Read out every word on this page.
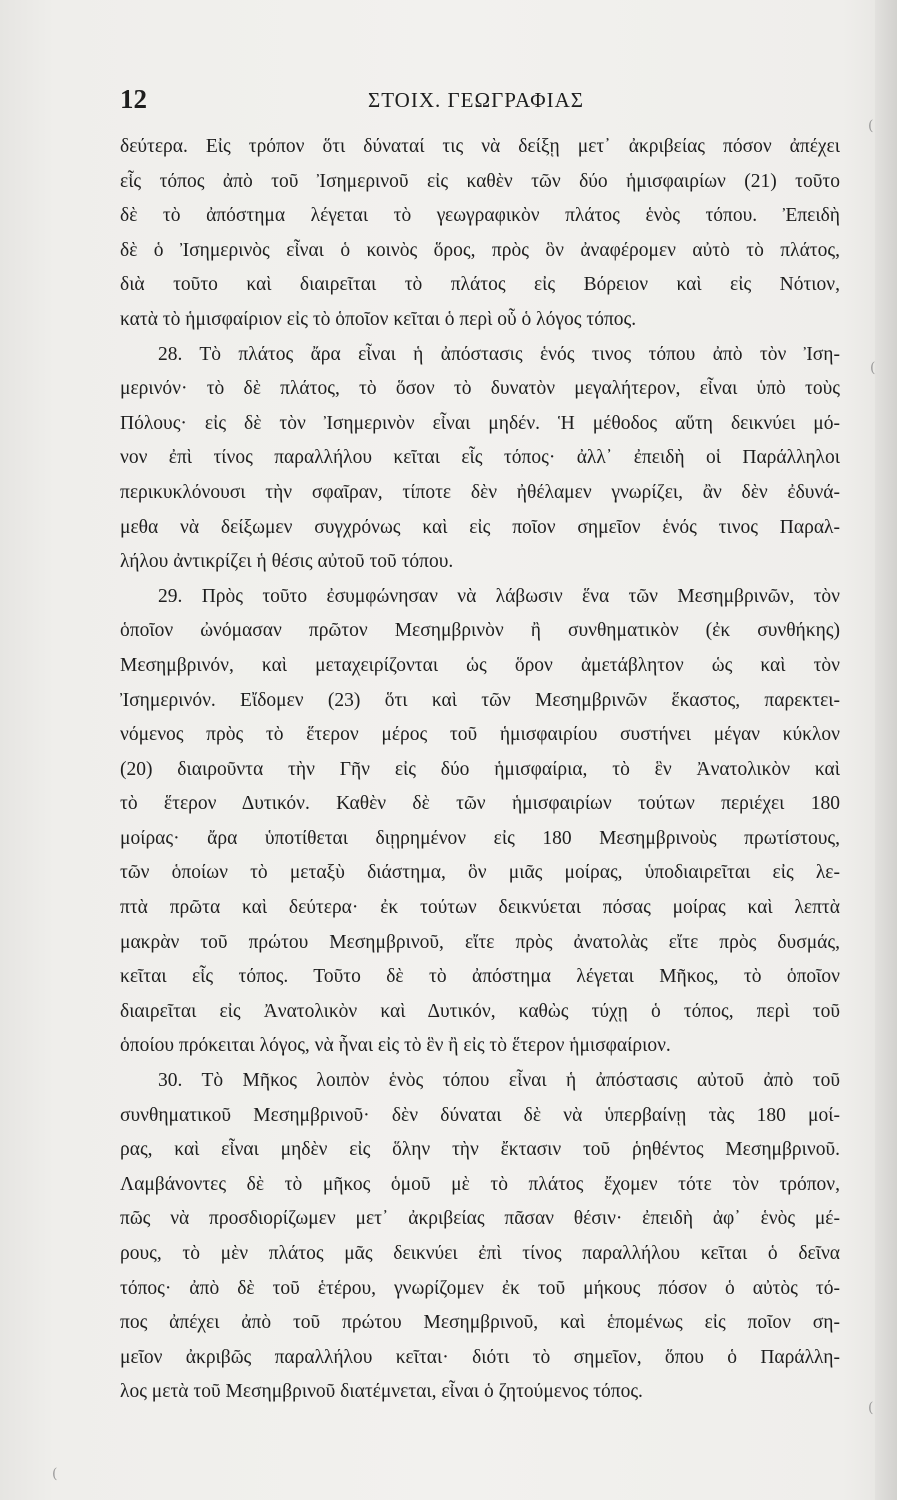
12	ΣΤΟΙΧ. ΓΕΩΓΡΑΦΙΑΣ
δεύτερα. Εἰς τρόπον ὅτι δύναταί τις νὰ δείξῃ μετ᾽ ἀκριβείας πόσον ἀπέχει
εἷς τόπος ἀπὸ τοῦ Ἰσημερινοῦ εἰς καθὲν τῶν δύο ἡμισφαιρίων (21) τοῦτο
δὲ τὸ ἀπόστημα λέγεται τὸ γεωγραφικὸν πλάτος ἑνὸς τόπου. Ἐπειδὴ
δὲ ὁ Ἰσημερινὸς εἶναι ὁ κοινὸς ὅρος, πρὸς ὃν ἀναφέρομεν αὐτὸ τὸ πλάτος,
διὰ τοῦτο καὶ διαιρεῖται τὸ πλάτος εἰς Βόρειον καὶ εἰς Νότιον,
κατὰ τὸ ἡμισφαίριον εἰς τὸ ὁποῖον κεῖται ὁ περὶ οὗ ὁ λόγος τόπος.
28. Τὸ πλάτος ἄρα εἶναι ἡ ἀπόστασις ἑνός τινος τόπου ἀπὸ τὸν Ἰση-
μερινόν· τὸ δὲ πλάτος, τὸ ὅσον τὸ δυνατὸν μεγαλήτερον, εἶναι ὑπὸ τοὺς
Πόλους· εἰς δὲ τὸν Ἰσημερινὸν εἶναι μηδέν. Ἡ μέθοδος αὕτη δεικνύει μό-
νον ἐπὶ τίνος παραλλήλου κεῖται εἷς τόπος· ἀλλ᾽ ἐπειδὴ οἱ Παράλληλοι
περικυκλόνουσι τὴν σφαῖραν, τίποτε δὲν ἠθέλαμεν γνωρίζει, ἂν δὲν ἐδυνά-
μεθα νὰ δείξωμεν συγχρόνως καὶ εἰς ποῖον σημεῖον ἑνός τινος Παραλ-
λήλου ἀντικρίζει ἡ θέσις αὐτοῦ τοῦ τόπου.
29. Πρὸς τοῦτο ἐσυμφώνησαν νὰ λάβωσιν ἕνα τῶν Μεσημβρινῶν, τὸν
ὁποῖον ὠνόμασαν πρῶτον Μεσημβρινὸν ἢ συνθηματικὸν (ἐκ συνθήκης)
Μεσημβρινόν, καὶ μεταχειρίζονται ὡς ὅρον ἀμετάβλητον ὡς καὶ τὸν
Ἰσημερινόν. Εἴδομεν (23) ὅτι καὶ τῶν Μεσημβρινῶν ἕκαστος, παρεκτει-
νόμενος πρὸς τὸ ἕτερον μέρος τοῦ ἡμισφαιρίου συστήνει μέγαν κύκλον
(20) διαιροῦντα τὴν Γῆν εἰς δύο ἡμισφαίρια, τὸ ἓν Ἀνατολικὸν καὶ
τὸ ἕτερον Δυτικόν. Καθὲν δὲ τῶν ἡμισφαιρίων τούτων περιέχει 180
μοίρας· ἄρα ὑποτίθεται διῃρημένον εἰς 180 Μεσημβρινοὺς πρωτίστους,
τῶν ὁποίων τὸ μεταξὺ διάστημα, ὃν μιᾶς μοίρας, ὑποδιαιρεῖται εἰς λε-
πτὰ πρῶτα καὶ δεύτερα· ἐκ τούτων δεικνύεται πόσας μοίρας καὶ λεπτὰ
μακρὰν τοῦ πρώτου Μεσημβρινοῦ, εἴτε πρὸς ἀνατολὰς εἴτε πρὸς δυσμάς,
κεῖται εἷς τόπος. Τοῦτο δὲ τὸ ἀπόστημα λέγεται Μῆκος, τὸ ὁποῖον
διαιρεῖται εἰς Ἀνατολικὸν καὶ Δυτικόν, καθὼς τύχῃ ὁ τόπος, περὶ τοῦ
ὁποίου πρόκειται λόγος, νὰ ἦναι εἰς τὸ ἓν ἢ εἰς τὸ ἕτερον ἡμισφαίριον.
30. Τὸ Μῆκος λοιπὸν ἑνὸς τόπου εἶναι ἡ ἀπόστασις αὐτοῦ ἀπὸ τοῦ
συνθηματικοῦ Μεσημβρινοῦ· δὲν δύναται δὲ νὰ ὑπερβαίνῃ τὰς 180 μοί-
ρας, καὶ εἶναι μηδὲν εἰς ὅλην τὴν ἔκτασιν τοῦ ῥηθέντος Μεσημβρινοῦ.
Λαμβάνοντες δὲ τὸ μῆκος ὁμοῦ μὲ τὸ πλάτος ἔχομεν τότε τὸν τρόπον,
πῶς νὰ προσδιορίζωμεν μετ᾽ ἀκριβείας πᾶσαν θέσιν· ἐπειδὴ ἀφ᾽ ἑνὸς μέ-
ρους, τὸ μὲν πλάτος μᾶς δεικνύει ἐπὶ τίνος παραλλήλου κεῖται ὁ δεῖνα
τόπος· ἀπὸ δὲ τοῦ ἑτέρου, γνωρίζομεν ἐκ τοῦ μήκους πόσον ὁ αὐτὸς τό-
πος ἀπέχει ἀπὸ τοῦ πρώτου Μεσημβρινοῦ, καὶ ἑπομένως εἰς ποῖον ση-
μεῖον ἀκριβῶς παραλλήλου κεῖται· διότι τὸ σημεῖον, ὅπου ὁ Παράλλη-
λος μετὰ τοῦ Μεσημβρινοῦ διατέμνεται, εἶναι ὁ ζητούμενος τόπος.
(
(
(
(
